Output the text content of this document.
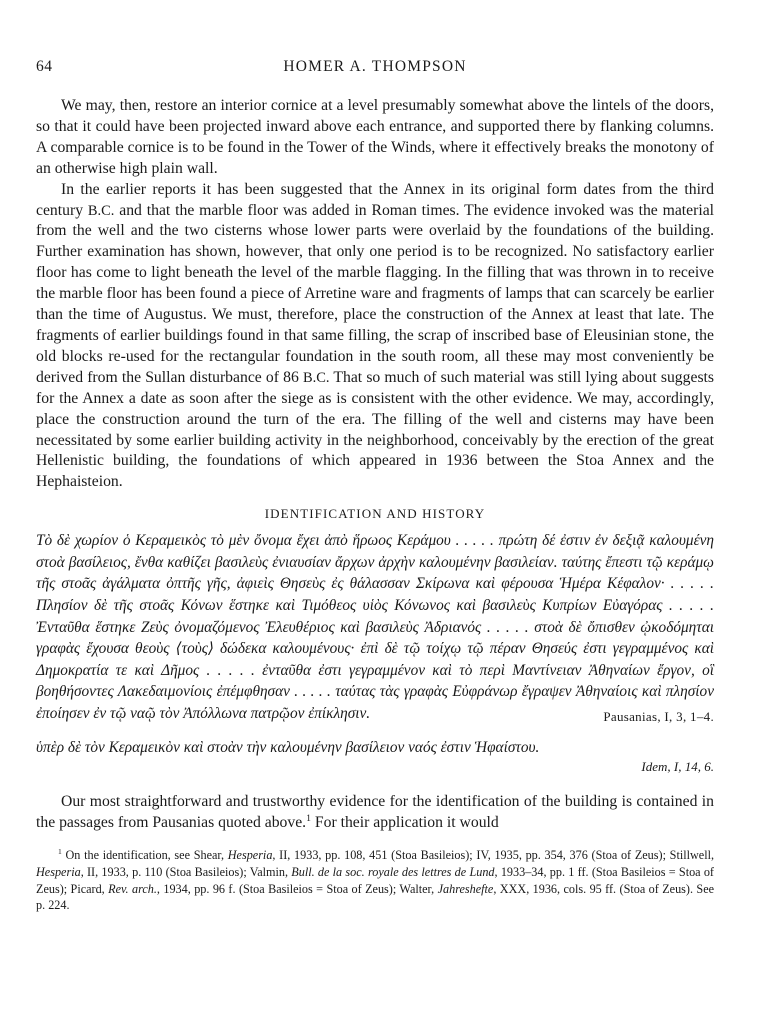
64	HOMER A. THOMPSON

We may, then, restore an interior cornice at a level presumably somewhat above the lintels of the doors, so that it could have been projected inward above each entrance, and supported there by flanking columns. A comparable cornice is to be found in the Tower of the Winds, where it effectively breaks the monotony of an otherwise high plain wall.

In the earlier reports it has been suggested that the Annex in its original form dates from the third century B.C. and that the marble floor was added in Roman times. The evidence invoked was the material from the well and the two cisterns whose lower parts were overlaid by the foundations of the building. Further examination has shown, however, that only one period is to be recognized. No satisfactory earlier floor has come to light beneath the level of the marble flagging. In the filling that was thrown in to receive the marble floor has been found a piece of Arretine ware and fragments of lamps that can scarcely be earlier than the time of Augustus. We must, therefore, place the construction of the Annex at least that late. The fragments of earlier buildings found in that same filling, the scrap of inscribed base of Eleusinian stone, the old blocks re-used for the rectangular foundation in the south room, all these may most conveniently be derived from the Sullan disturbance of 86 B.C. That so much of such material was still lying about suggests for the Annex a date as soon after the siege as is consistent with the other evidence. We may, accordingly, place the construction around the turn of the era. The filling of the well and cisterns may have been necessitated by some earlier building activity in the neighborhood, conceivably by the erection of the great Hellenistic building, the foundations of which appeared in 1936 between the Stoa Annex and the Hephaisteion.

IDENTIFICATION AND HISTORY

Τὸ δὲ χωρίον ὁ Κεραμεικὸς τὸ μὲν ὄνομα ἔχει ἀπὸ ἥρωος Κεράμου . . . . . πρώτη δέ ἐστιν ἐν δεξιᾷ καλουμένη στοὰ βασίλειος, ἔνθα καθίζει βασιλεὺς ἐνιαυσίαν ἄρχων ἀρχὴν καλουμένην βασιλείαν. ταύτης ἔπεστι τῷ κεράμῳ τῆς στοᾶς ἀγάλματα ὀπτῆς γῆς, ἀφιεὶς Θησεὺς ἐς θάλασσαν Σκίρωνα καὶ φέρουσα Ἡμέρα Κέφαλον· . . . . . Πλησίον δὲ τῆς στοᾶς Κόνων ἕστηκε καὶ Τιμόθεος υἱὸς Κόνωνος καὶ βασιλεὺς Κυπρίων Εὐαγόρας . . . . . Ἐνταῦθα ἕστηκε Ζεὺς ὀνομαζόμενος Ἐλευθέριος καὶ βασιλεὺς Ἀδριανός . . . . . στοὰ δὲ ὄπισθεν ᾠκοδόμηται γραφὰς ἔχουσα θεοὺς ⟨τοὺς⟩ δώδεκα καλουμένους· ἐπὶ δὲ τῷ τοίχῳ τῷ πέραν Θησεύς ἐστι γεγραμμένος καὶ Δημοκρατία τε καὶ Δῆμος . . . . . ἐνταῦθα ἐστι γεγραμμένον καὶ τὸ περὶ Μαντίνειαν Ἀθηναίων ἔργον, οἳ βοηθήσοντες Λακεδαιμονίοις ἐπέμφθησαν . . . . . ταύτας τὰς γραφὰς Εὐφράνωρ ἔγραψεν Ἀθηναίοις καὶ πλησίον ἐποίησεν ἐν τῷ ναῷ τὸν Ἀπόλλωνα πατρῷον ἐπίκλησιν.	Pausanias, I, 3, 1–4.

ὑπὲρ δὲ τὸν Κεραμεικὸν καὶ στοὰν τὴν καλουμένην βασίλειον ναός ἐστιν Ἡφαίστου.

Idem, I, 14, 6.

Our most straightforward and trustworthy evidence for the identification of the building is contained in the passages from Pausanias quoted above.$^1$ For their application it would

$^1$ On the identification, see Shear, Hesperia, II, 1933, pp. 108, 451 (Stoa Basileios); IV, 1935, pp. 354, 376 (Stoa of Zeus); Stillwell, Hesperia, II, 1933, p. 110 (Stoa Basileios); Valmin, Bull. de la soc. royale des lettres de Lund, 1933–34, pp. 1 ff. (Stoa Basileios = Stoa of Zeus); Picard, Rev. arch., 1934, pp. 96 f. (Stoa Basileios = Stoa of Zeus); Walter, Jahreshefte, XXX, 1936, cols. 95 ff. (Stoa of Zeus). See p. 224.
